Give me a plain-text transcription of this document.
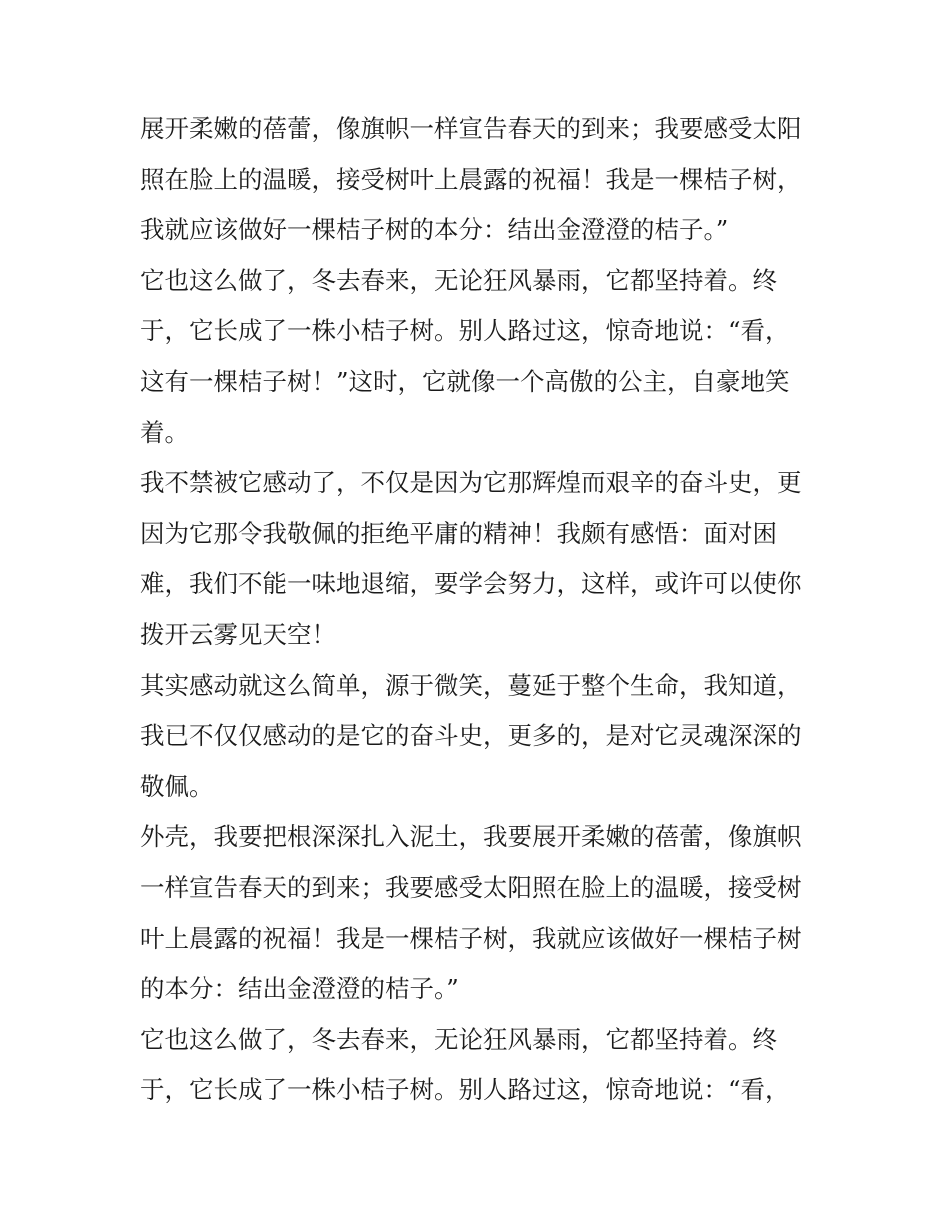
展开柔嫩的蓓蕾，像旗帜一样宣告春天的到来；我要感受太阳
照在脸上的温暖，接受树叶上晨露的祝福！我是一棵桔子树，
我就应该做好一棵桔子树的本分：结出金澄澄的桔子。”
它也这么做了，冬去春来，无论狂风暴雨，它都坚持着。终
于，它长成了一株小桔子树。别人路过这，惊奇地说：“看，
这有一棵桔子树！”这时，它就像一个高傲的公主，自豪地笑
着。
我不禁被它感动了，不仅是因为它那辉煌而艰辛的奋斗史，更
因为它那令我敬佩的拒绝平庸的精神！我颇有感悟：面对困
难，我们不能一味地退缩，要学会努力，这样，或许可以使你
拨开云雾见天空！
其实感动就这么简单，源于微笑，蔓延于整个生命，我知道，
我已不仅仅感动的是它的奋斗史，更多的，是对它灵魂深深的
敬佩。
外壳，我要把根深深扎入泥土，我要展开柔嫩的蓓蕾，像旗帜
一样宣告春天的到来；我要感受太阳照在脸上的温暖，接受树
叶上晨露的祝福！我是一棵桔子树，我就应该做好一棵桔子树
的本分：结出金澄澄的桔子。”
它也这么做了，冬去春来，无论狂风暴雨，它都坚持着。终
于，它长成了一株小桔子树。别人路过这，惊奇地说：“看，
